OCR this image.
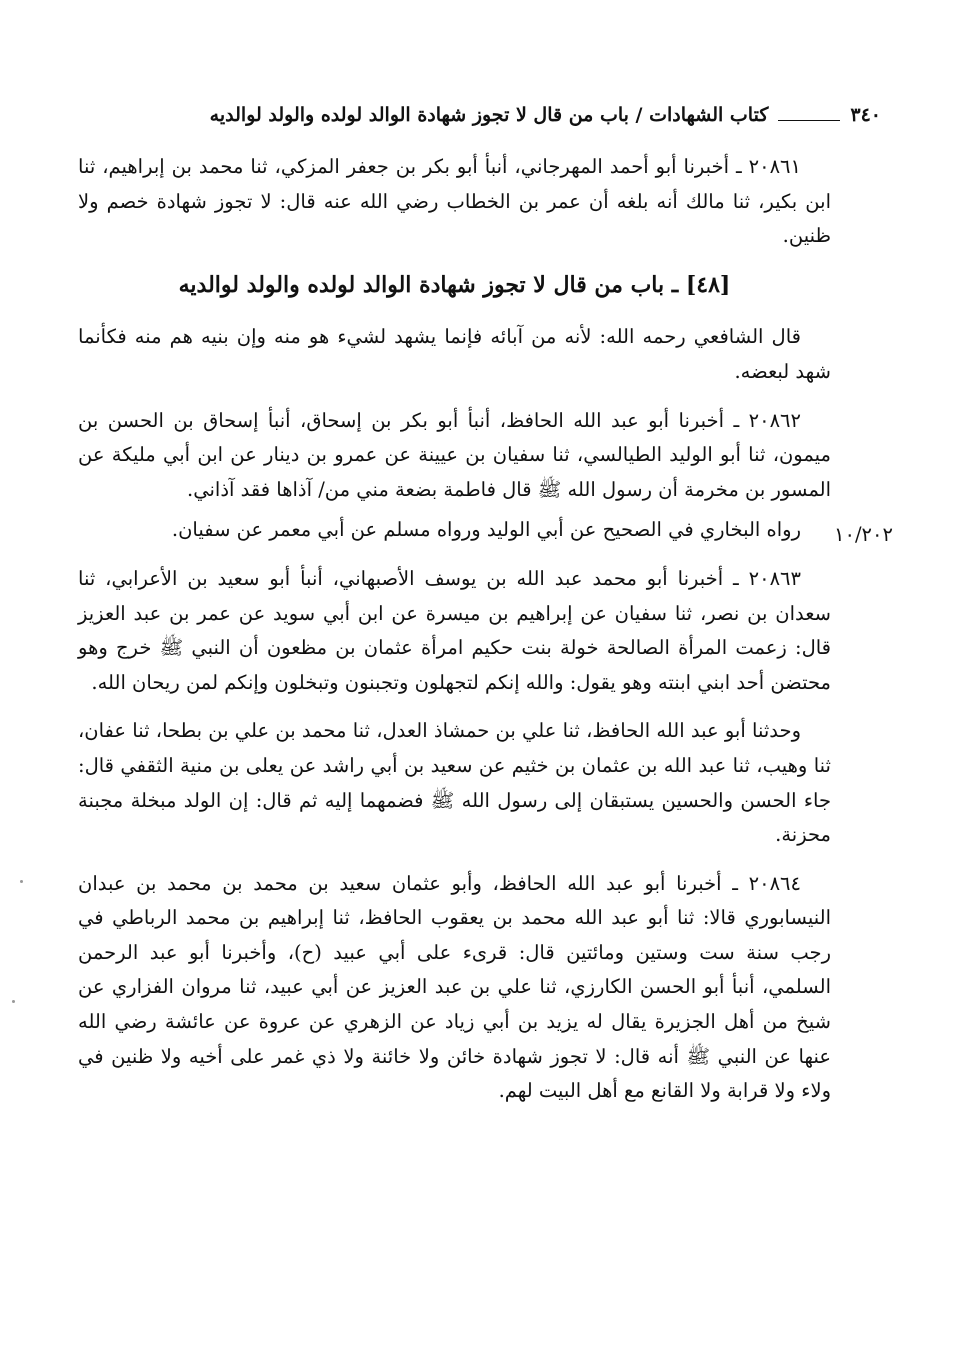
٣٤٠
كتاب الشهادات / باب من قال لا تجوز شهادة الوالد لولده والولد لوالديه
١٠/٢٠٢

٢٠٨٦١ ـ أخبرنا أبو أحمد المهرجاني، أنبأ أبو بكر بن جعفر المزكي، ثنا محمد بن إبراهيم، ثنا ابن بكير، ثنا مالك أنه بلغه أن عمر بن الخطاب رضي الله عنه قال: لا تجوز شهادة خصم ولا ظنين.

[٤٨] ـ باب من قال لا تجوز شهادة الوالد لولده والولد لوالديه

قال الشافعي رحمه الله: لأنه من آبائه فإنما يشهد لشيء هو منه وإن بنيه هم منه فكأنما شهد لبعضه.

٢٠٨٦٢ ـ أخبرنا أبو عبد الله الحافظ، أنبأ أبو بكر بن إسحاق، أنبأ إسحاق بن الحسن بن ميمون، ثنا أبو الوليد الطيالسي، ثنا سفيان بن عيينة عن عمرو بن دينار عن ابن أبي مليكة عن المسور بن مخرمة أن رسول الله ﷺ قال فاطمة بضعة مني من/ آذاها فقد آذاني.

رواه البخاري في الصحيح عن أبي الوليد ورواه مسلم عن أبي معمر عن سفيان.

٢٠٨٦٣ ـ أخبرنا أبو محمد عبد الله بن يوسف الأصبهاني، أنبأ أبو سعيد بن الأعرابي، ثنا سعدان بن نصر، ثنا سفيان عن إبراهيم بن ميسرة عن ابن أبي سويد عن عمر بن عبد العزيز قال: زعمت المرأة الصالحة خولة بنت حكيم امرأة عثمان بن مظعون أن النبي ﷺ خرج وهو محتضن أحد ابني ابنته وهو يقول: والله إنكم لتجهلون وتجبنون وتبخلون وإنكم لمن ريحان الله.

وحدثنا أبو عبد الله الحافظ، ثنا علي بن حمشاذ العدل، ثنا محمد بن علي بن بطحا، ثنا عفان، ثنا وهيب، ثنا عبد الله بن عثمان بن خثيم عن سعيد بن أبي راشد عن يعلى بن منية الثقفي قال: جاء الحسن والحسين يستبقان إلى رسول الله ﷺ فضمهما إليه ثم قال: إن الولد مبخلة مجبنة محزنة.

٢٠٨٦٤ ـ أخبرنا أبو عبد الله الحافظ، وأبو عثمان سعيد بن محمد بن محمد بن عبدان النيسابوري قالا: ثنا أبو عبد الله محمد بن يعقوب الحافظ، ثنا إبراهيم بن محمد الرباطي في رجب سنة ست وستين ومائتين قال: قرىء على أبي عبيد (ح)، وأخبرنا أبو عبد الرحمن السلمي، أنبأ أبو الحسن الكارزي، ثنا علي بن عبد العزيز عن أبي عبيد، ثنا مروان الفزاري عن شيخ من أهل الجزيرة يقال له يزيد بن أبي زياد عن الزهري عن عروة عن عائشة رضي الله عنها عن النبي ﷺ أنه قال: لا تجوز شهادة خائن ولا خائنة ولا ذي غمر على أخيه ولا ظنين في ولاء ولا قرابة ولا القانع مع أهل البيت لهم.
